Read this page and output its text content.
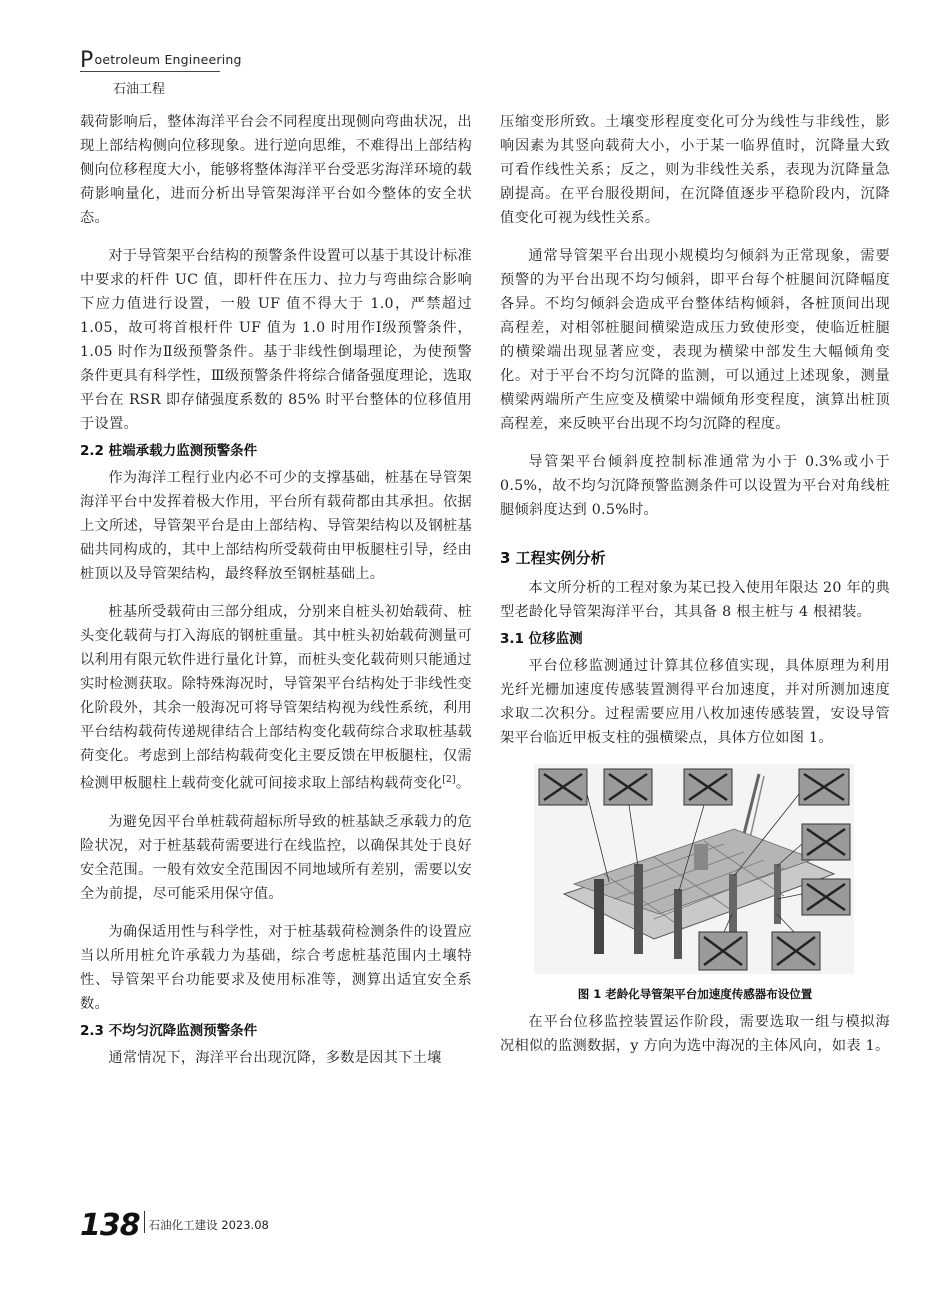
Poetroleum Engineering
石油工程

载荷影响后，整体海洋平台会不同程度出现侧向弯曲状况，出现上部结构侧向位移现象。进行逆向思维，不难得出上部结构侧向位移程度大小，能够将整体海洋平台受恶劣海洋环境的载荷影响量化，进而分析出导管架海洋平台如今整体的安全状态。

对于导管架平台结构的预警条件设置可以基于其设计标准中要求的杆件 UC 值，即杆件在压力、拉力与弯曲综合影响下应力值进行设置，一般 UF 值不得大于 1.0，严禁超过 1.05，故可将首根杆件 UF 值为 1.0 时用作Ⅰ级预警条件，1.05 时作为Ⅱ级预警条件。基于非线性倒塌理论，为使预警条件更具有科学性，Ⅲ级预警条件将综合储备强度理论，选取平台在 RSR 即存储强度系数的 85% 时平台整体的位移值用于设置。

2.2 桩端承载力监测预警条件

作为海洋工程行业内必不可少的支撑基础，桩基在导管架海洋平台中发挥着极大作用，平台所有载荷都由其承担。依据上文所述，导管架平台是由上部结构、导管架结构以及钢桩基础共同构成的，其中上部结构所受载荷由甲板腿柱引导，经由桩顶以及导管架结构，最终释放至钢桩基础上。

桩基所受载荷由三部分组成，分别来自桩头初始载荷、桩头变化载荷与打入海底的钢桩重量。其中桩头初始载荷测量可以利用有限元软件进行量化计算，而桩头变化载荷则只能通过实时检测获取。除特殊海况时，导管架平台结构处于非线性变化阶段外，其余一般海况可将导管架结构视为线性系统，利用平台结构载荷传递规律结合上部结构变化载荷综合求取桩基载荷变化。考虑到上部结构载荷变化主要反馈在甲板腿柱，仅需检测甲板腿柱上载荷变化就可间接求取上部结构载荷变化[2]。

为避免因平台单桩载荷超标所导致的桩基缺乏承载力的危险状况，对于桩基载荷需要进行在线监控，以确保其处于良好安全范围。一般有效安全范围因不同地域所有差别，需要以安全为前提，尽可能采用保守值。

为确保适用性与科学性，对于桩基载荷检测条件的设置应当以所用桩允许承载力为基础，综合考虑桩基范围内土壤特性、导管架平台功能要求及使用标准等，测算出适宜安全系数。

2.3 不均匀沉降监测预警条件

通常情况下，海洋平台出现沉降，多数是因其下土壤

压缩变形所致。土壤变形程度变化可分为线性与非线性，影响因素为其竖向载荷大小，小于某一临界值时，沉降量大致可看作线性关系；反之，则为非线性关系，表现为沉降量急剧提高。在平台服役期间，在沉降值逐步平稳阶段内，沉降值变化可视为线性关系。

通常导管架平台出现小规模均匀倾斜为正常现象，需要预警的为平台出现不均匀倾斜，即平台每个桩腿间沉降幅度各异。不均匀倾斜会造成平台整体结构倾斜，各桩顶间出现高程差，对相邻桩腿间横梁造成压力致使形变，使临近桩腿的横梁端出现显著应变，表现为横梁中部发生大幅倾角变化。对于平台不均匀沉降的监测，可以通过上述现象，测量横梁两端所产生应变及横梁中端倾角形变程度，演算出桩顶高程差，来反映平台出现不均匀沉降的程度。

导管架平台倾斜度控制标准通常为小于 0.3%或小于 0.5%，故不均匀沉降预警监测条件可以设置为平台对角线桩腿倾斜度达到 0.5%时。

3 工程实例分析

本文所分析的工程对象为某已投入使用年限达 20 年的典型老龄化导管架海洋平台，其具备 8 根主桩与 4 根裙装。

3.1 位移监测

平台位移监测通过计算其位移值实现，具体原理为利用光纤光栅加速度传感装置测得平台加速度，并对所测加速度求取二次积分。过程需要应用八枚加速传感装置，安设导管架平台临近甲板支柱的强横梁点，具体方位如图 1。

图 1 老龄化导管架平台加速度传感器布设位置

在平台位移监控装置运作阶段，需要选取一组与模拟海况相似的监测数据，y 方向为选中海况的主体风向，如表 1。

138 $^{石油化工建设 2023.08}$
